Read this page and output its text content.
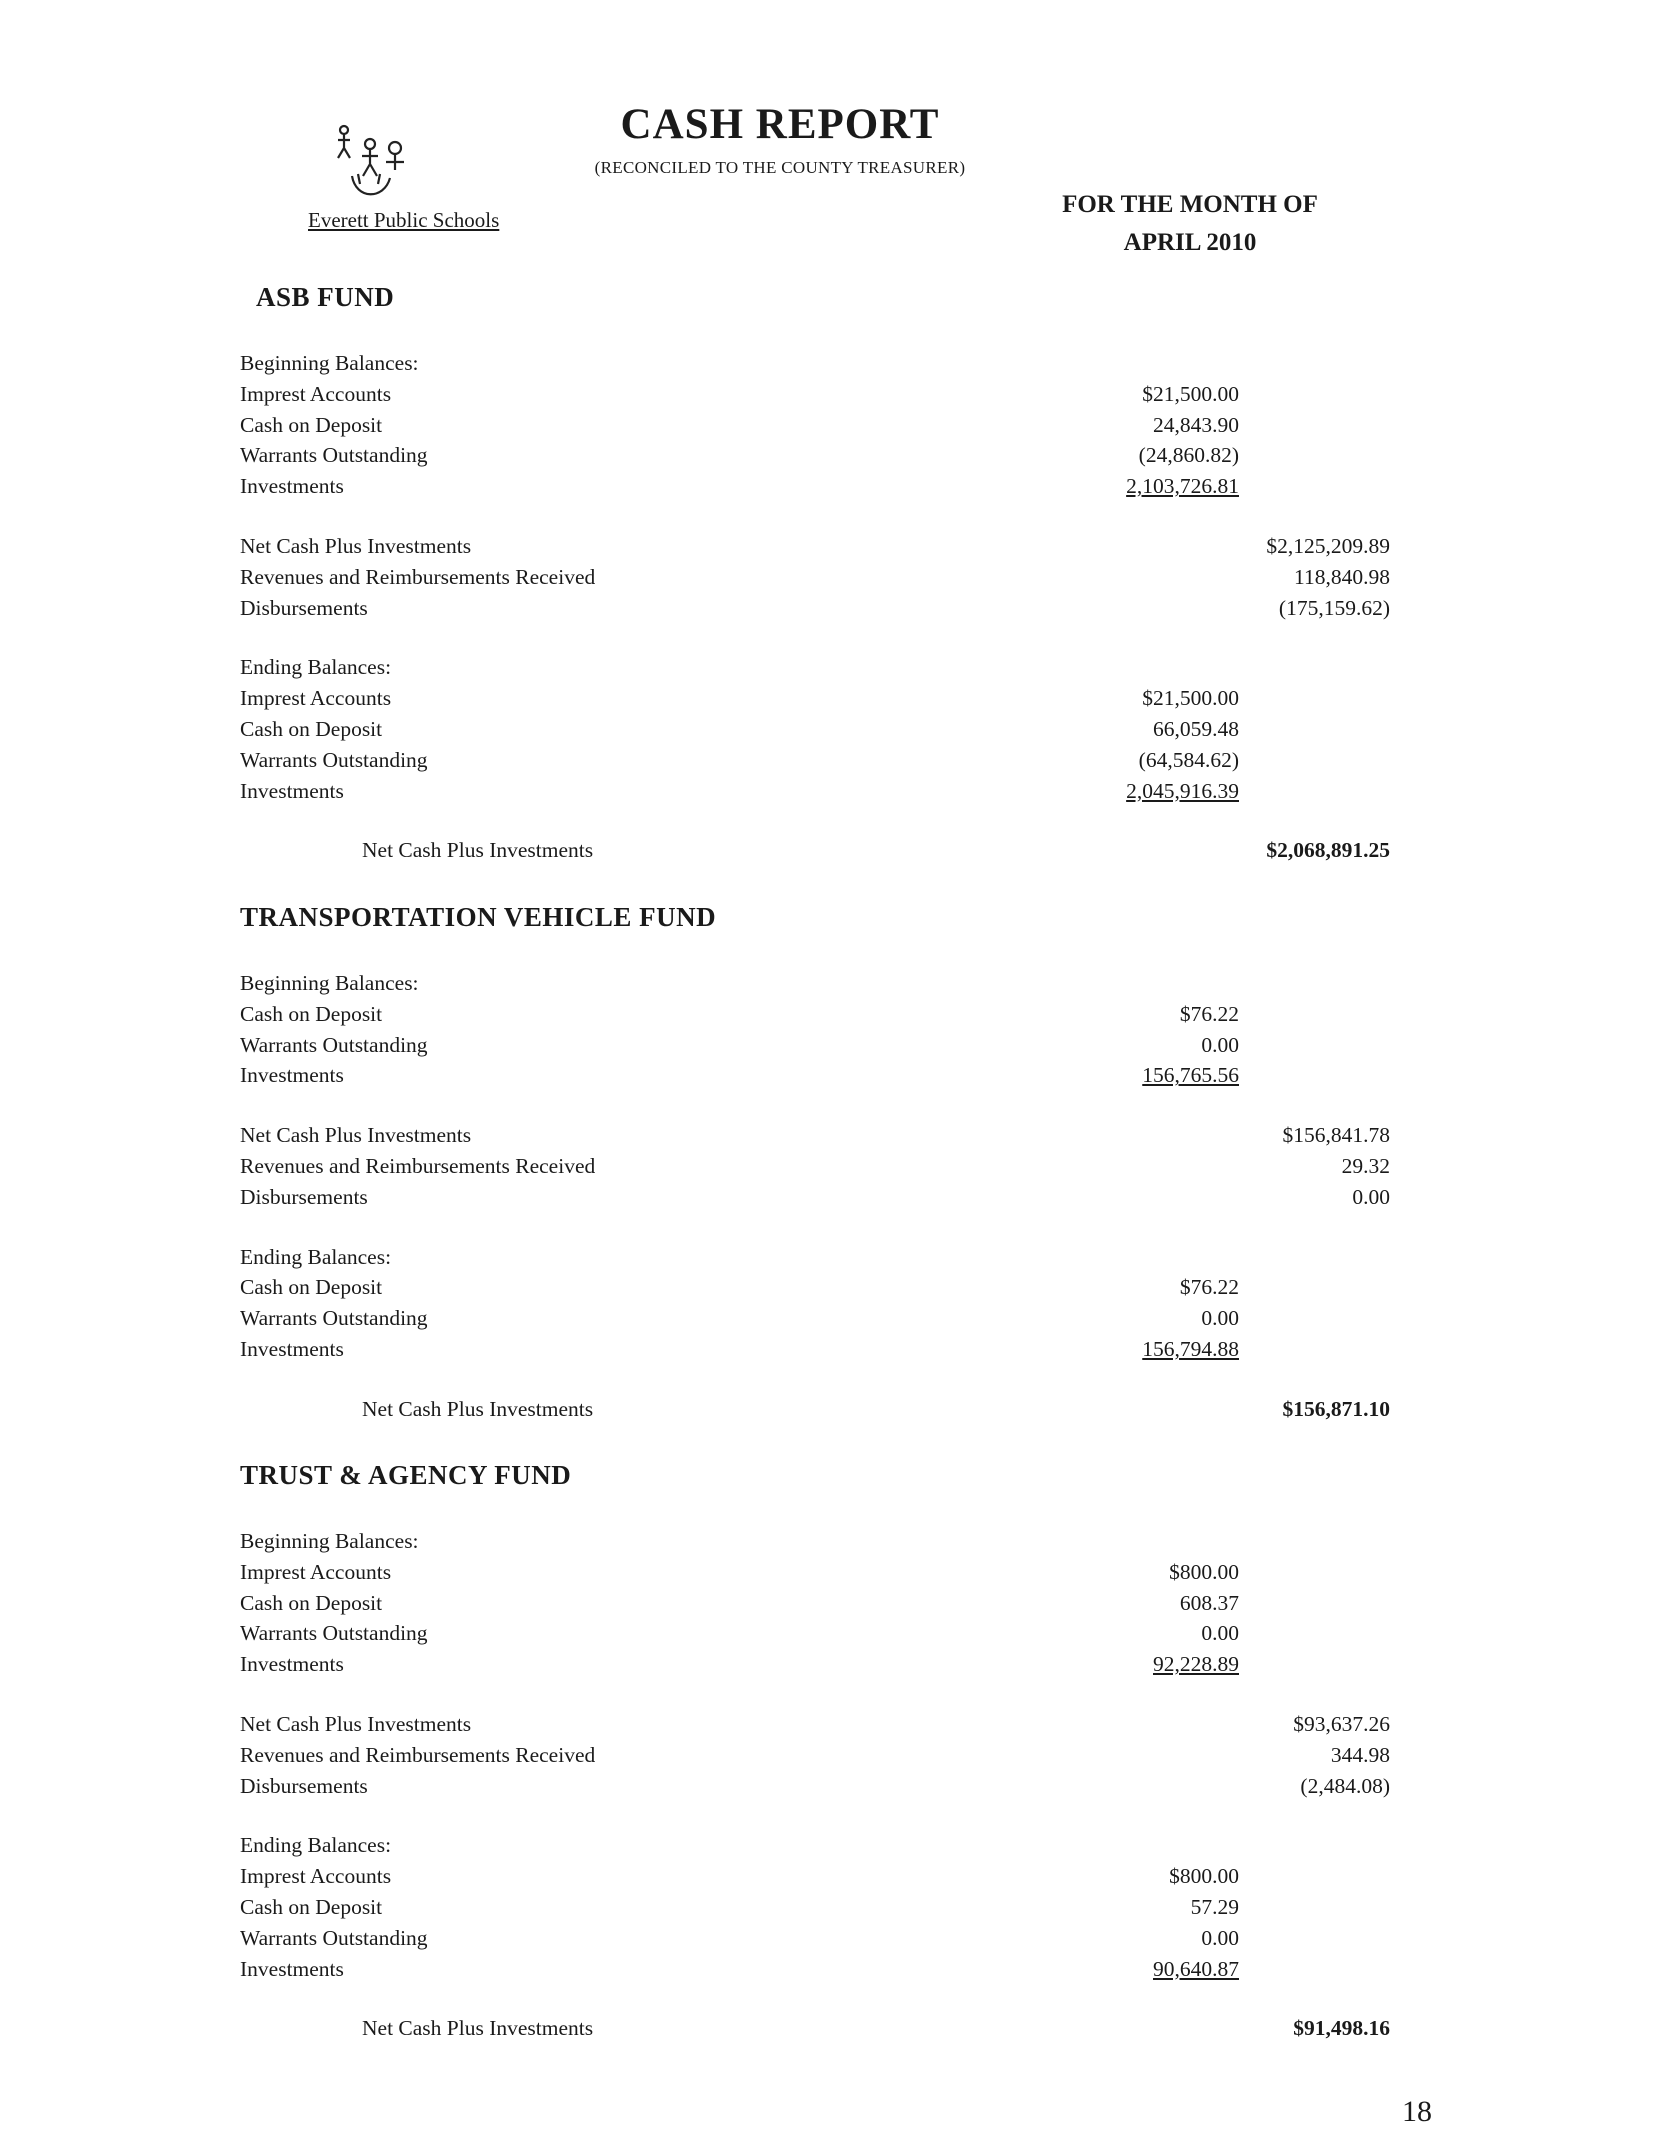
Everett Public Schools
CASH REPORT
(RECONCILED TO THE COUNTY TREASURER)
FOR THE MONTH OF
APRIL 2010
ASB FUND
Beginning Balances:
Imprest Accounts	$21,500.00
Cash on Deposit	24,843.90
Warrants Outstanding	(24,860.82)
Investments	2,103,726.81
Net Cash Plus Investments	$2,125,209.89
Revenues and Reimbursements Received	118,840.98
Disbursements	(175,159.62)
Ending Balances:
Imprest Accounts	$21,500.00
Cash on Deposit	66,059.48
Warrants Outstanding	(64,584.62)
Investments	2,045,916.39
Net Cash Plus Investments	$2,068,891.25
TRANSPORTATION VEHICLE FUND
Beginning Balances:
Cash on Deposit	$76.22
Warrants Outstanding	0.00
Investments	156,765.56
Net Cash Plus Investments	$156,841.78
Revenues and Reimbursements Received	29.32
Disbursements	0.00
Ending Balances:
Cash on Deposit	$76.22
Warrants Outstanding	0.00
Investments	156,794.88
Net Cash Plus Investments	$156,871.10
TRUST & AGENCY FUND
Beginning Balances:
Imprest Accounts	$800.00
Cash on Deposit	608.37
Warrants Outstanding	0.00
Investments	92,228.89
Net Cash Plus Investments	$93,637.26
Revenues and Reimbursements Received	344.98
Disbursements	(2,484.08)
Ending Balances:
Imprest Accounts	$800.00
Cash on Deposit	57.29
Warrants Outstanding	0.00
Investments	90,640.87
Net Cash Plus Investments	$91,498.16
18
